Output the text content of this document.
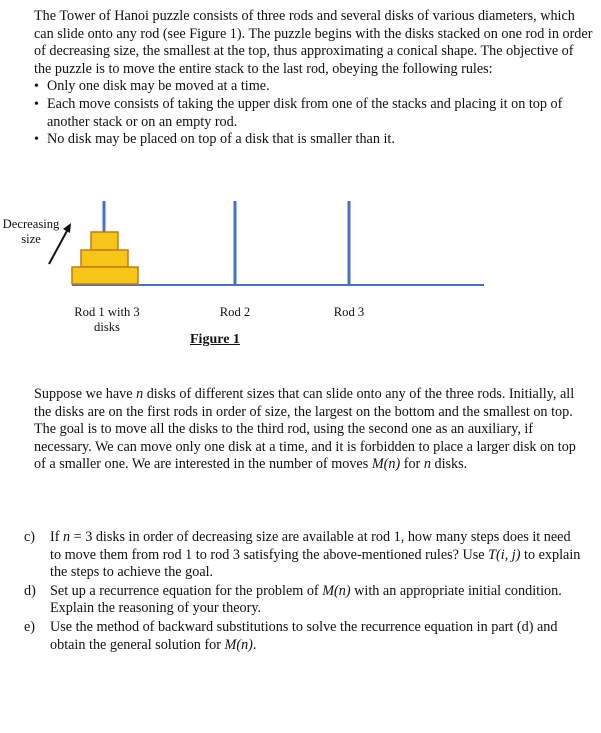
The Tower of Hanoi puzzle consists of three rods and several disks of various diameters, which can slide onto any rod (see Figure 1). The puzzle begins with the disks stacked on one rod in order of decreasing size, the smallest at the top, thus approximating a conical shape. The objective of the puzzle is to move the entire stack to the last rod, obeying the following rules:

• Only one disk may be moved at a time.
• Each move consists of taking the upper disk from one of the stacks and placing it on top of another stack or on an empty rod.
• No disk may be placed on top of a disk that is smaller than it.
Decreasing
size
Rod 1 with 3
disks
Rod 2	Rod 3
Figure 1

Suppose we have n disks of different sizes that can slide onto any of the three rods. Initially, all the disks are on the first rods in order of size, the largest on the bottom and the smallest on top. The goal is to move all the disks to the third rod, using the second one as an auxiliary, if necessary. We can move only one disk at a time, and it is forbidden to place a larger disk on top of a smaller one. We are interested in the number of moves M(n) for n disks.

c) If n = 3 disks in order of decreasing size are available at rod 1, how many steps does it need to move them from rod 1 to rod 3 satisfying the above-mentioned rules? Use T(i, j) to explain the steps to achieve the goal.
d) Set up a recurrence equation for the problem of M(n) with an appropriate initial condition. Explain the reasoning of your theory.
e) Use the method of backward substitutions to solve the recurrence equation in part (d) and obtain the general solution for M(n).
